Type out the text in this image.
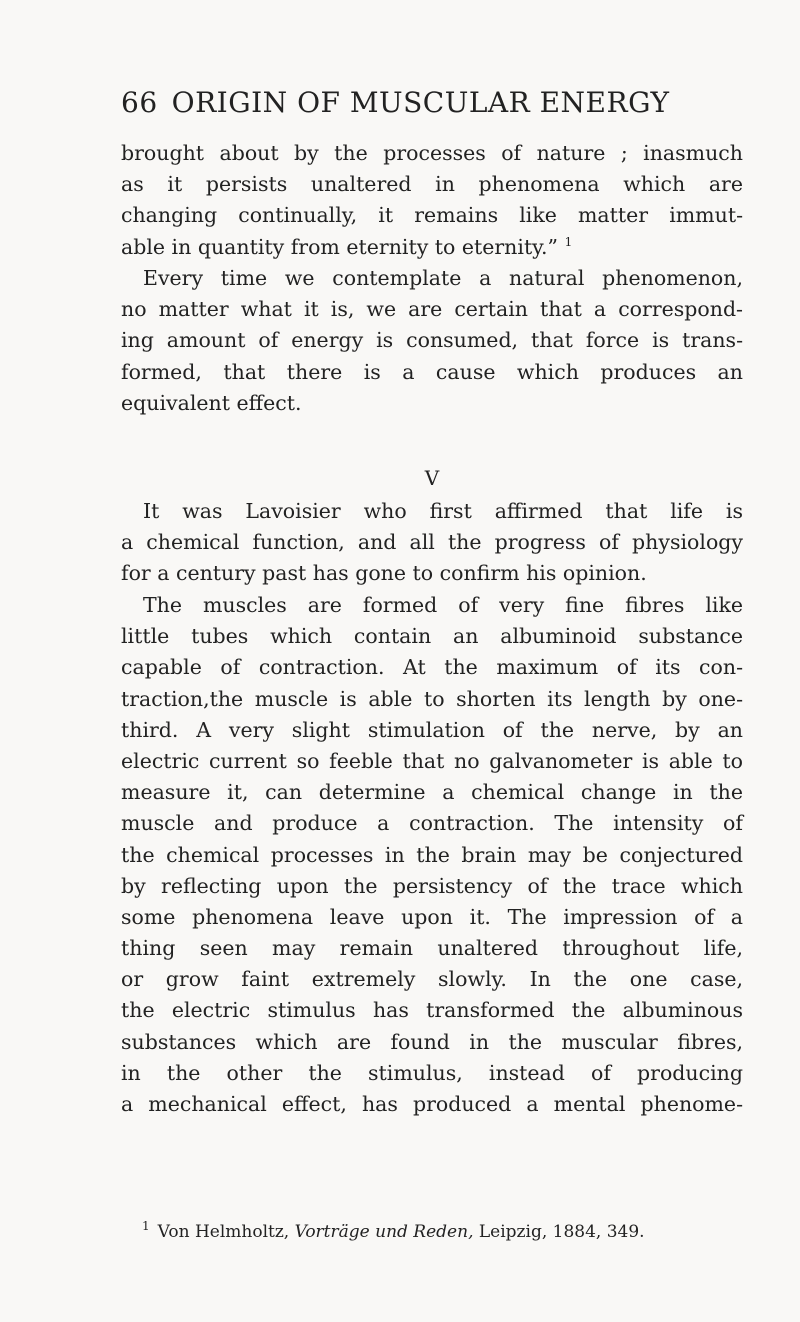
66 ORIGIN OF MUSCULAR ENERGY
brought about by the processes of nature ; inasmuch
as it persists unaltered in phenomena which are
changing continually, it remains like matter immut-
able in quantity from eternity to eternity.” $^1$
Every time we contemplate a natural phenomenon,
no matter what it is, we are certain that a correspond-
ing amount of energy is consumed, that force is trans-
formed, that there is a cause which produces an
equivalent effect.
V
It was Lavoisier who first affirmed that life is
a chemical function, and all the progress of physiology
for a century past has gone to confirm his opinion.
The muscles are formed of very fine fibres like
little tubes which contain an albuminoid substance
capable of contraction. At the maximum of its con-
traction,the muscle is able to shorten its length by one-
third. A very slight stimulation of the nerve, by an
electric current so feeble that no galvanometer is able to
measure it, can determine a chemical change in the
muscle and produce a contraction. The intensity of
the chemical processes in the brain may be conjectured
by reflecting upon the persistency of the trace which
some phenomena leave upon it. The impression of a
thing seen may remain unaltered throughout life,
or grow faint extremely slowly. In the one case,
the electric stimulus has transformed the albuminous
substances which are found in the muscular fibres,
in the other the stimulus, instead of producing
a mechanical effect, has produced a mental phenome-
$^1$ Von Helmholtz, Vorträge und Reden, Leipzig, 1884, 349.
